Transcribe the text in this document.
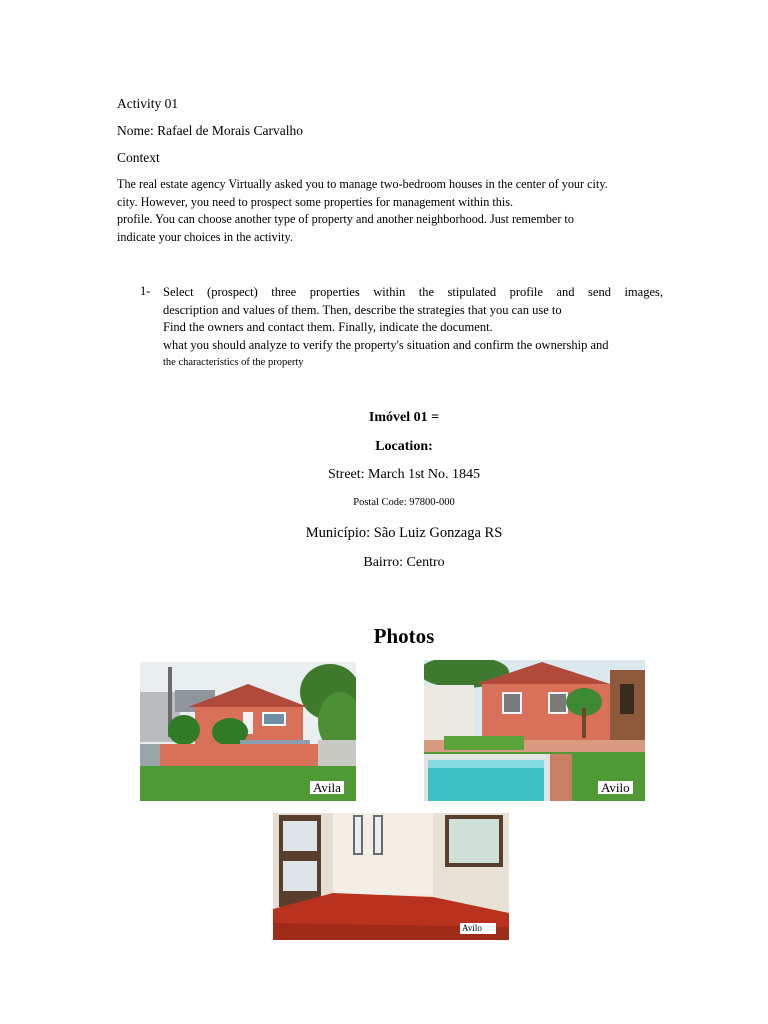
Activity 01
Nome: Rafael de Morais Carvalho
Context
The real estate agency Virtually asked you to manage two-bedroom houses in the center of your city.
city. However, you need to prospect some properties for management within this.
profile. You can choose another type of property and another neighborhood. Just remember to
indicate your choices in the activity.
1- Select (prospect) three properties within the stipulated profile and send images,
description and values of them. Then, describe the strategies that you can use to
Find the owners and contact them. Finally, indicate the document.
what you should analyze to verify the property's situation and confirm the ownership and
the characteristics of the property
Imóvel 01 =
Location:
Street: March 1st No. 1845
Postal Code: 97800-000
Município: São Luiz Gonzaga RS
Bairro: Centro
Photos
Avila	Avilo
Avilo
